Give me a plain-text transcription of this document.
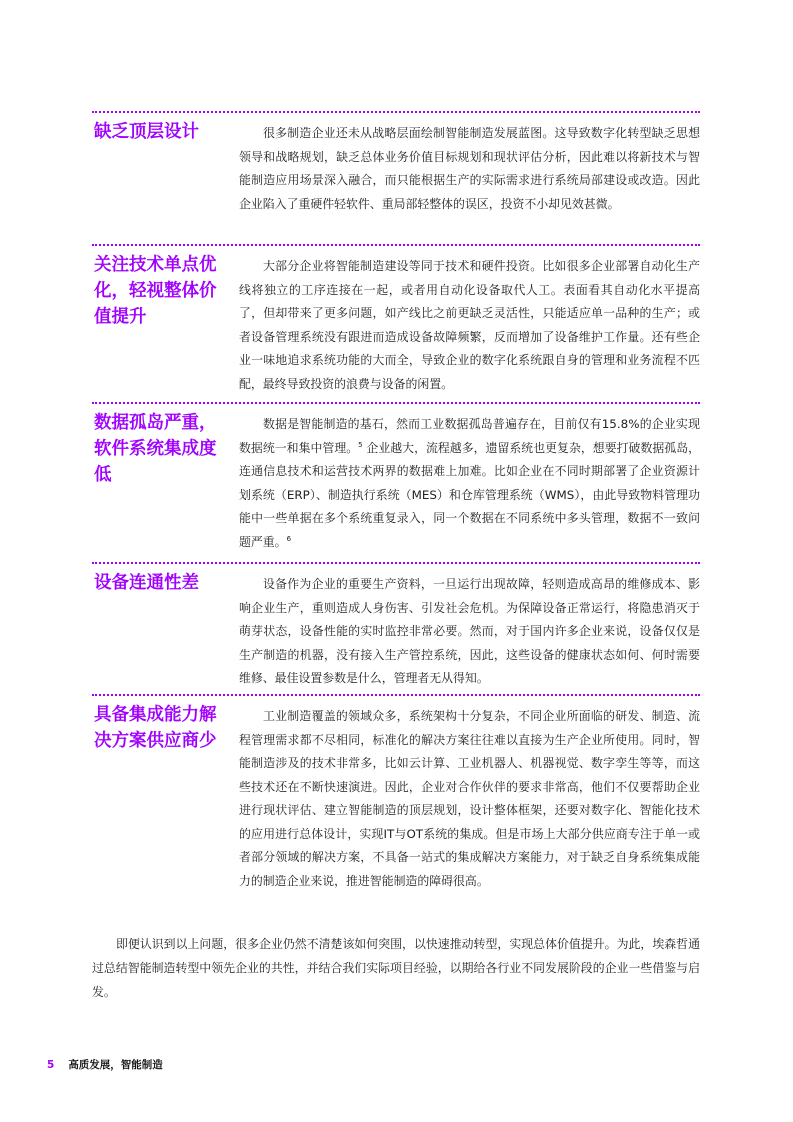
缺乏顶层设计	很多制造企业还未从战略层面绘制智能制造发展蓝图。这导致数字化转型缺乏思想领导和战略规划，缺乏总体业务价值目标规划和现状评估分析，因此难以将新技术与智能制造应用场景深入融合，而只能根据生产的实际需求进行系统局部建设或改造。因此企业陷入了重硬件轻软件、重局部轻整体的误区，投资不小却见效甚微。

关注技术单点优化，轻视整体价值提升

大部分企业将智能制造建设等同于技术和硬件投资。比如很多企业部署自动化生产线将独立的工序连接在一起，或者用自动化设备取代人工。表面看其自动化水平提高了，但却带来了更多问题，如产线比之前更缺乏灵活性，只能适应单一品种的生产；或者设备管理系统没有跟进而造成设备故障频繁，反而增加了设备维护工作量。还有些企业一味地追求系统功能的大而全，导致企业的数字化系统跟自身的管理和业务流程不匹配，最终导致投资的浪费与设备的闲置。

数据孤岛严重，软件系统集成度低

数据是智能制造的基石，然而工业数据孤岛普遍存在，目前仅有15.8%的企业实现数据统一和集中管理。$^5$ 企业越大，流程越多，遗留系统也更复杂，想要打破数据孤岛，连通信息技术和运营技术两界的数据难上加难。比如企业在不同时期部署了企业资源计划系统（ERP）、制造执行系统（MES）和仓库管理系统（WMS），由此导致物料管理功能中一些单据在多个系统重复录入，同一个数据在不同系统中多头管理，数据不一致问题严重。$^6$

设备连通性差	设备作为企业的重要生产资料，一旦运行出现故障，轻则造成高昂的维修成本、影响企业生产，重则造成人身伤害、引发社会危机。为保障设备正常运行，将隐患消灭于萌芽状态，设备性能的实时监控非常必要。然而，对于国内许多企业来说，设备仅仅是生产制造的机器，没有接入生产管控系统，因此，这些设备的健康状态如何、何时需要维修、最佳设置参数是什么，管理者无从得知。

具备集成能力解决方案供应商少

工业制造覆盖的领域众多，系统架构十分复杂，不同企业所面临的研发、制造、流程管理需求都不尽相同，标准化的解决方案往往难以直接为生产企业所使用。同时，智能制造涉及的技术非常多，比如云计算、工业机器人、机器视觉、数字孪生等等，而这些技术还在不断快速演进。因此，企业对合作伙伴的要求非常高，他们不仅要帮助企业进行现状评估、建立智能制造的顶层规划，设计整体框架，还要对数字化、智能化技术的应用进行总体设计，实现IT与OT系统的集成。但是市场上大部分供应商专注于单一或者部分领域的解决方案，不具备一站式的集成解决方案能力，对于缺乏自身系统集成能力的制造企业来说，推进智能制造的障碍很高。

即便认识到以上问题，很多企业仍然不清楚该如何突围，以快速推动转型，实现总体价值提升。为此，埃森哲通过总结智能制造转型中领先企业的共性，并结合我们实际项目经验，以期给各行业不同发展阶段的企业一些借鉴与启发。

5 高质发展，智能制造
